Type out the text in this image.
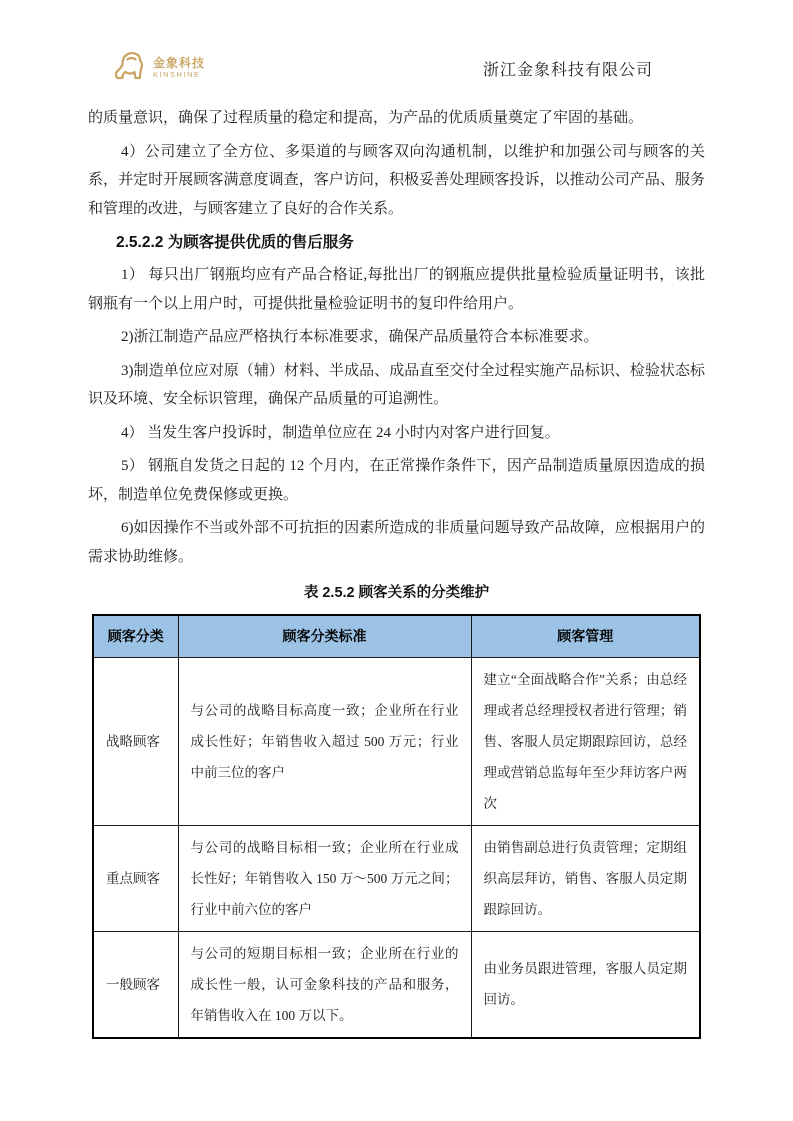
金象科技
KINSHINE	浙江金象科技有限公司

的质量意识，确保了过程质量的稳定和提高，为产品的优质质量奠定了牢固的基础。

4）公司建立了全方位、多渠道的与顾客双向沟通机制，以维护和加强公司与顾客的关系，并定时开展顾客满意度调查，客户访问，积极妥善处理顾客投诉，以推动公司产品、服务和管理的改进，与顾客建立了良好的合作关系。

2.5.2.2 为顾客提供优质的售后服务

1） 每只出厂钢瓶均应有产品合格证,每批出厂的钢瓶应提供批量检验质量证明书，该批钢瓶有一个以上用户时，可提供批量检验证明书的复印件给用户。

2)浙江制造产品应严格执行本标准要求，确保产品质量符合本标准要求。

3)制造单位应对原（辅）材料、半成品、成品直至交付全过程实施产品标识、检验状态标识及环境、安全标识管理，确保产品质量的可追溯性。

4） 当发生客户投诉时，制造单位应在 24 小时内对客户进行回复。

5） 钢瓶自发货之日起的 12 个月内，在正常操作条件下，因产品制造质量原因造成的损坏，制造单位免费保修或更换。

6)如因操作不当或外部不可抗拒的因素所造成的非质量问题导致产品故障，应根据用户的需求协助维修。

表 2.5.2 顾客关系的分类维护
顾客分类	顾客分类标准	顾客管理
战略顾客	与公司的战略目标高度一致；企业所在行业成长性好；年销售收入超过 500 万元；行业中前三位的客户	建立“全面战略合作”关系；由总经理或者总经理授权者进行管理；销售、客服人员定期跟踪回访，总经理或营销总监每年至少拜访客户两次
重点顾客	与公司的战略目标相一致；企业所在行业成长性好；年销售收入 150 万～500 万元之间；行业中前六位的客户	由销售副总进行负责管理；定期组织高层拜访，销售、客服人员定期跟踪回访。
一般顾客	与公司的短期目标相一致；企业所在行业的成长性一般，认可金象科技的产品和服务，年销售收入在 100 万以下。	由业务员跟进管理，客服人员定期回访。
